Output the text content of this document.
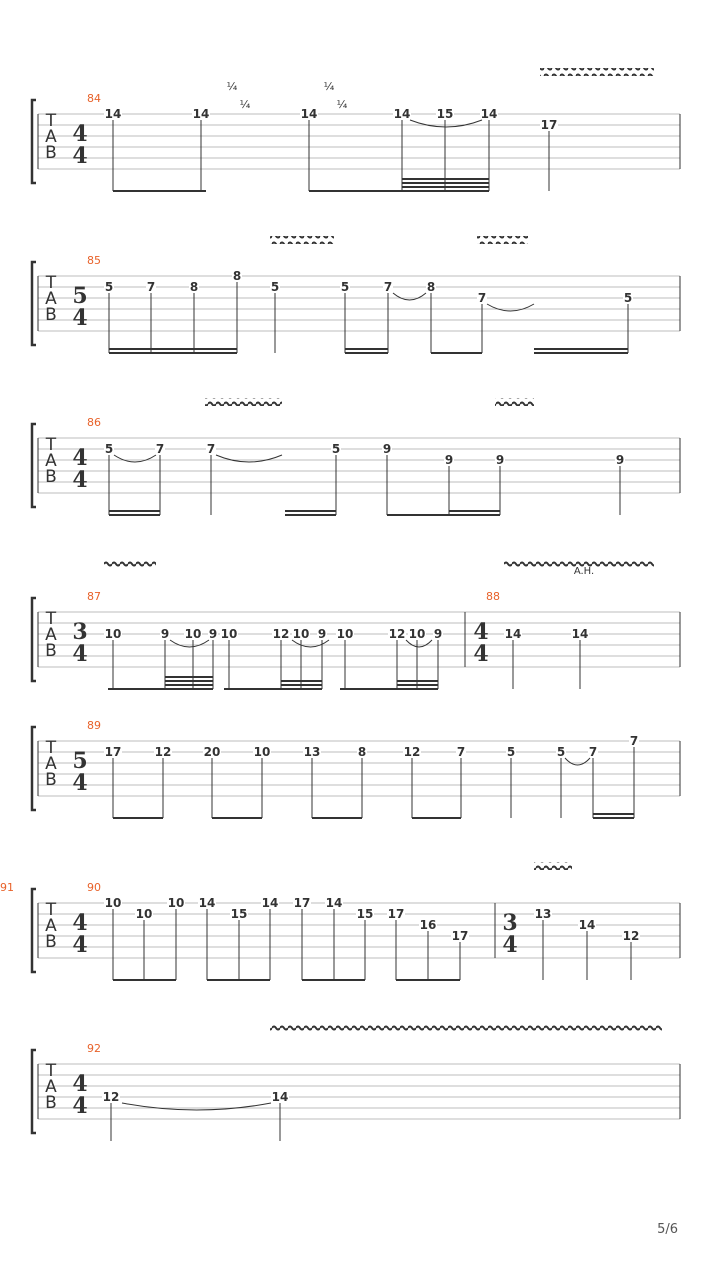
T
A
B
84
4
4
14	14	14	14 15 14
17
¼
¼
¼
¼
T
A
B
85
5
4
5	7	8
8
5	5	7	8
7	5
T
A
B
86
4
4
5	7	7	5	9
9	9	9
T
A
B
87
3
4
88
4
4
10	9 10 9 10	12 10 9 10	12 10 9	14	14
A.H.
T
A
B
89
5
4
17	12	20	10	13	8	12	7	5	5 7
7
T
A
B
90
4
4
91
3
4
10
10
10 14
15
14 17 14
15 17
16
17
13
14
12
T
A
B
92
4
4 12	14
5/6
